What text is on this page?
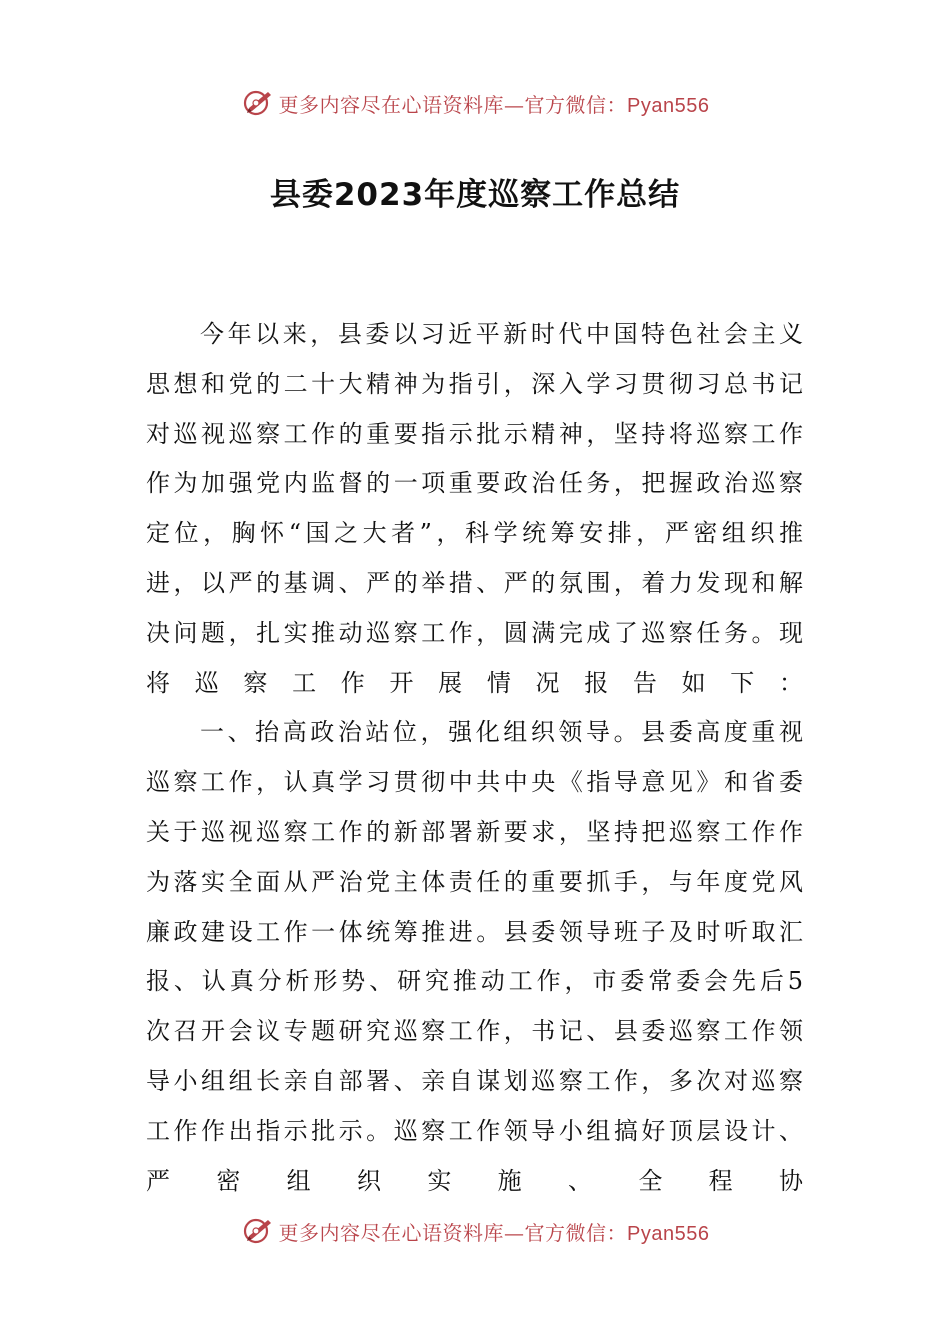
更多内容尽在心语资料库—官方微信：Pyan556
县委2023年度巡察工作总结

今年以来，县委以习近平新时代中国特色社会主义思想和党的二十大精神为指引，深入学习贯彻习总书记对巡视巡察工作的重要指示批示精神，坚持将巡察工作作为加强党内监督的一项重要政治任务，把握政治巡察定位，胸怀“国之大者”，科学统筹安排，严密组织推进，以严的基调、严的举措、严的氛围，着力发现和解决问题，扎实推动巡察工作，圆满完成了巡察任务。现将巡察工作开展情况报告如下：

一、抬高政治站位，强化组织领导。县委高度重视巡察工作，认真学习贯彻中共中央《指导意见》和省委关于巡视巡察工作的新部署新要求，坚持把巡察工作作为落实全面从严治党主体责任的重要抓手，与年度党风廉政建设工作一体统筹推进。县委领导班子及时听取汇报、认真分析形势、研究推动工作，市委常委会先后5次召开会议专题研究巡察工作，书记、县委巡察工作领导小组组长亲自部署、亲自谋划巡察工作，多次对巡察工作作出指示批示。巡察工作领导小组搞好顶层设计、严密组织实施、全程协

更多内容尽在心语资料库—官方微信：Pyan556
